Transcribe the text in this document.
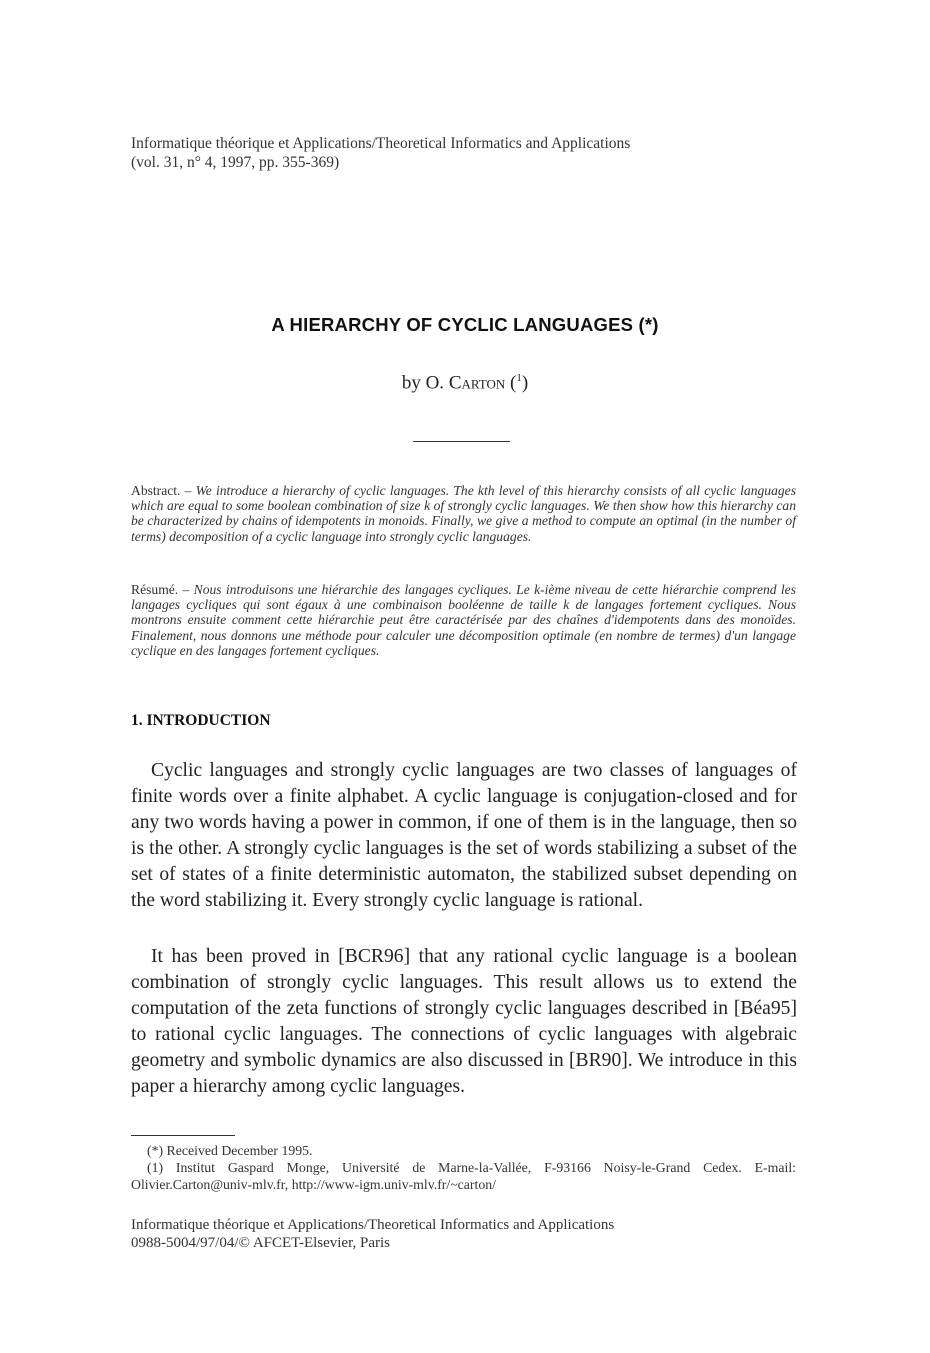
Informatique théorique et Applications/Theoretical Informatics and Applications
(vol. 31, n° 4, 1997, pp. 355-369)
A HIERARCHY OF CYCLIC LANGUAGES (*)
by O. Carton ($^1$)
Abstract. – We introduce a hierarchy of cyclic languages. The kth level of this hierarchy consists of all cyclic languages which are equal to some boolean combination of size k of strongly cyclic languages. We then show how this hierarchy can be characterized by chains of idempotents in monoids. Finally, we give a method to compute an optimal (in the number of terms) decomposition of a cyclic language into strongly cyclic languages.
Résumé. – Nous introduisons une hiérarchie des langages cycliques. Le k-ième niveau de cette hiérarchie comprend les langages cycliques qui sont égaux à une combinaison booléenne de taille k de langages fortement cycliques. Nous montrons ensuite comment cette hiérarchie peut être caractérisée par des chaînes d'idempotents dans des monoïdes. Finalement, nous donnons une méthode pour calculer une décomposition optimale (en nombre de termes) d'un langage cyclique en des langages fortement cycliques.
1. INTRODUCTION

Cyclic languages and strongly cyclic languages are two classes of languages of finite words over a finite alphabet. A cyclic language is conjugation-closed and for any two words having a power in common, if one of them is in the language, then so is the other. A strongly cyclic languages is the set of words stabilizing a subset of the set of states of a finite deterministic automaton, the stabilized subset depending on the word stabilizing it. Every strongly cyclic language is rational.

It has been proved in [BCR96] that any rational cyclic language is a boolean combination of strongly cyclic languages. This result allows us to extend the computation of the zeta functions of strongly cyclic languages described in [Béa95] to rational cyclic languages. The connections of cyclic languages with algebraic geometry and symbolic dynamics are also discussed in [BR90]. We introduce in this paper a hierarchy among cyclic languages.

(*) Received December 1995.
(1) Institut Gaspard Monge, Université de Marne-la-Vallée, F-93166 Noisy-le-Grand Cedex. E-mail: Olivier.Carton@univ-mlv.fr, http://www-igm.univ-mlv.fr/~carton/
Informatique théorique et Applications/Theoretical Informatics and Applications
0988-5004/97/04/© AFCET-Elsevier, Paris
